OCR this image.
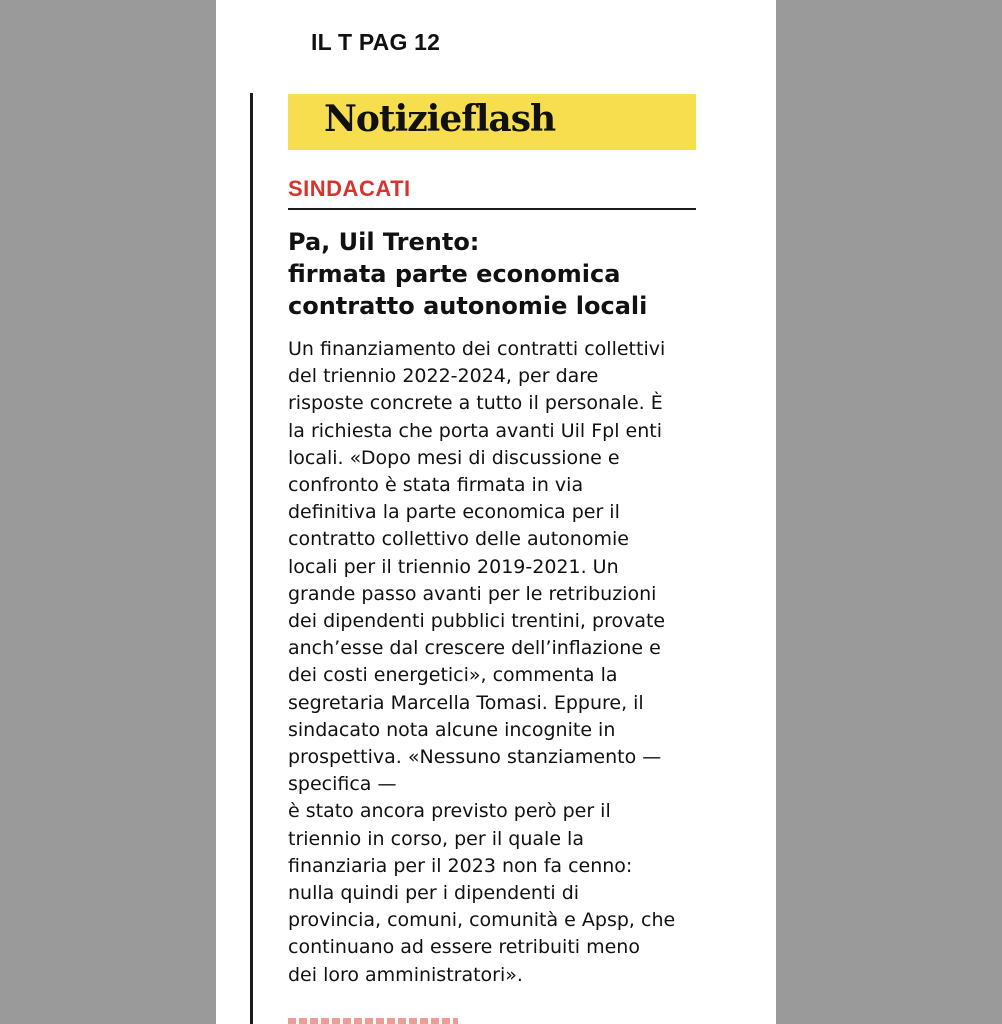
IL T PAG 12
Notizieflash
SINDACATI
Pa, Uil Trento:
firmata parte economica
contratto autonomie locali
Un finanziamento dei contratti collettivi
del triennio 2022-2024, per dare
risposte concrete a tutto il personale. È
la richiesta che porta avanti Uil Fpl enti
locali. «Dopo mesi di discussione e
confronto è stata firmata in via
definitiva la parte economica per il
contratto collettivo delle autonomie
locali per il triennio 2019-2021. Un
grande passo avanti per le retribuzioni
dei dipendenti pubblici trentini, provate
anch’esse dal crescere dell’inflazione e
dei costi energetici», commenta la
segretaria Marcella Tomasi. Eppure, il
sindacato nota alcune incognite in
prospettiva. «Nessuno stanziamento —
specifica —
è stato ancora previsto però per il
triennio in corso, per il quale la
finanziaria per il 2023 non fa cenno:
nulla quindi per i dipendenti di
provincia, comuni, comunità e Apsp, che
continuano ad essere retribuiti meno
dei loro amministratori».
